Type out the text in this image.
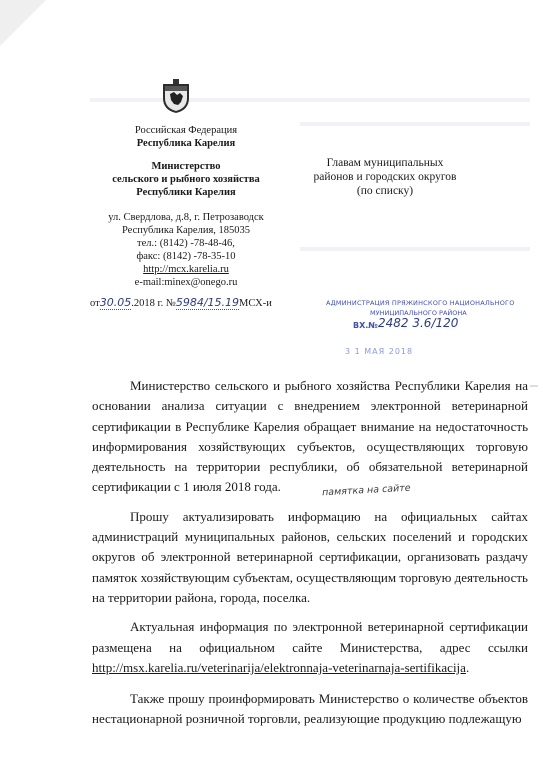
Российская Федерация
Республика Карелия
Министерство
сельского и рыбного хозяйства
Республики Карелия
ул. Свердлова, д.8, г. Петрозаводск
Республика Карелия, 185035
тел.: (8142) -78-48-46,
факс: (8142) -78-35-10
http://mcx.karelia.ru
e-mail:minex@onego.ru
Главам муниципальных
районов и городских округов
(по списку)
от30.05.2018 г. №5984/15.19МСХ-и	АДМИНИСТРАЦИЯ ПРЯЖИНСКОГО НАЦИОНАЛЬНОГО
МУНИЦИПАЛЬНОГО РАЙОНА
ВХ.№ 2482 3.6/120
3 1 МАЯ 2018
памятка на сайте

Министерство сельского и рыбного хозяйства Республики Карелия на основании анализа ситуации с внедрением электронной ветеринарной сертификации в Республике Карелия обращает внимание на недостаточность информирования хозяйствующих субъектов, осуществляющих торговую деятельность на территории республики, об обязательной ветеринарной сертификации с 1 июля 2018 года.

Прошу актуализировать информацию на официальных сайтах администраций муниципальных районов, сельских поселений и городских округов об электронной ветеринарной сертификации, организовать раздачу памяток хозяйствующим субъектам, осуществляющим торговую деятельность на территории района, города, поселка.

Актуальная информация по электронной ветеринарной сертификации размещена на официальном сайте Министерства, адрес ссылки http://msx.karelia.ru/veterinarija/elektronnaja-veterinarnaja-sertifikacija.

Также прошу проинформировать Министерство о количестве объектов нестационарной розничной торговли, реализующие продукцию подлежащую
